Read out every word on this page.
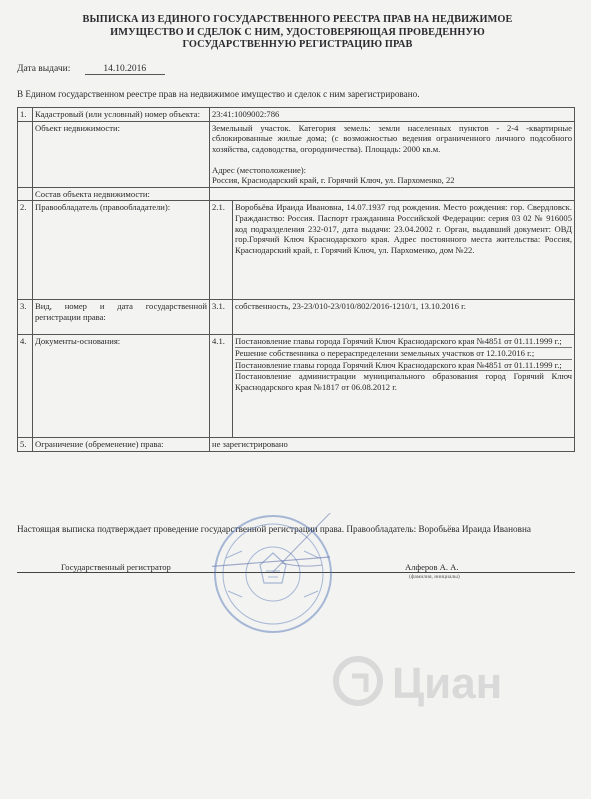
ВЫПИСКА ИЗ ЕДИНОГО ГОСУДАРСТВЕННОГО РЕЕСТРА ПРАВ НА НЕДВИЖИМОЕ
ИМУЩЕСТВО И СДЕЛОК С НИМ, УДОСТОВЕРЯЮЩАЯ ПРОВЕДЕННУЮ
ГОСУДАРСТВЕННУЮ РЕГИСТРАЦИЮ ПРАВ
Дата выдачи:	14.10.2016
В Едином государственном реестре прав на недвижимое имущество и сделок с ним зарегистрировано.
1.	Кадастровый (или условный) номер объекта:	23:41:1009002:786	
	Объект недвижимости:	Земельный участок. Категория земель: земли населенных пунктов - 2-4 -квартирные сблокированные жилые дома; (с возможностью ведения ограниченного личного подсобного хозяйства, садоводства, огородничества). Площадь: 2000 кв.м.
Адрес (местоположение):
Россия, Краснодарский край, г. Горячий Ключ, ул. Пархоменко, 22	

	Состав объекта недвижимости:		
2.	Правообладатель (правообладатели):	2.1.	Воробьёва Ираида Ивановна, 14.07.1937 год рождения. Место рождения: гор. Свердловск. Гражданство: Россия. Паспорт гражданина Российской Федерации: серия 03 02 № 916005 код подразделения 232-017, дата выдачи: 23.04.2002 г. Орган, выдавший документ: ОВД гор.Горячий Ключ Краснодарского края. Адрес постоянного места жительства: Россия, Краснодарский край, г. Горячий Ключ, ул. Пархоменко, дом №22.
3.	Вид, номер и дата государственной регистрации права:	3.1.	собственность, 23-23/010-23/010/802/2016-1210/1, 13.10.2016 г.
4.	Документы-основания:	4.1.	Постановление главы города Горячий Ключ Краснодарского края №4851 от 01.11.1999 г.;
Решение собственника о перераспределении земельных участков от 12.10.2016 г.;
Постановление главы города Горячий Ключ Краснодарского края №4851 от 01.11.1999 г.;
Постановление администрации муниципального образования город Горячий Ключ Краснодарского края №1817 от 06.08.2012 г.

5.	Ограничение (обременение) права:	не зарегистрировано	
Настоящая выписка подтверждает проведение государственной регистрации права. Правообладатель: Воробьёва Ираида Ивановна
Государственный регистратор	Алферов А. А.
(фамилия, инициалы)
Циан
